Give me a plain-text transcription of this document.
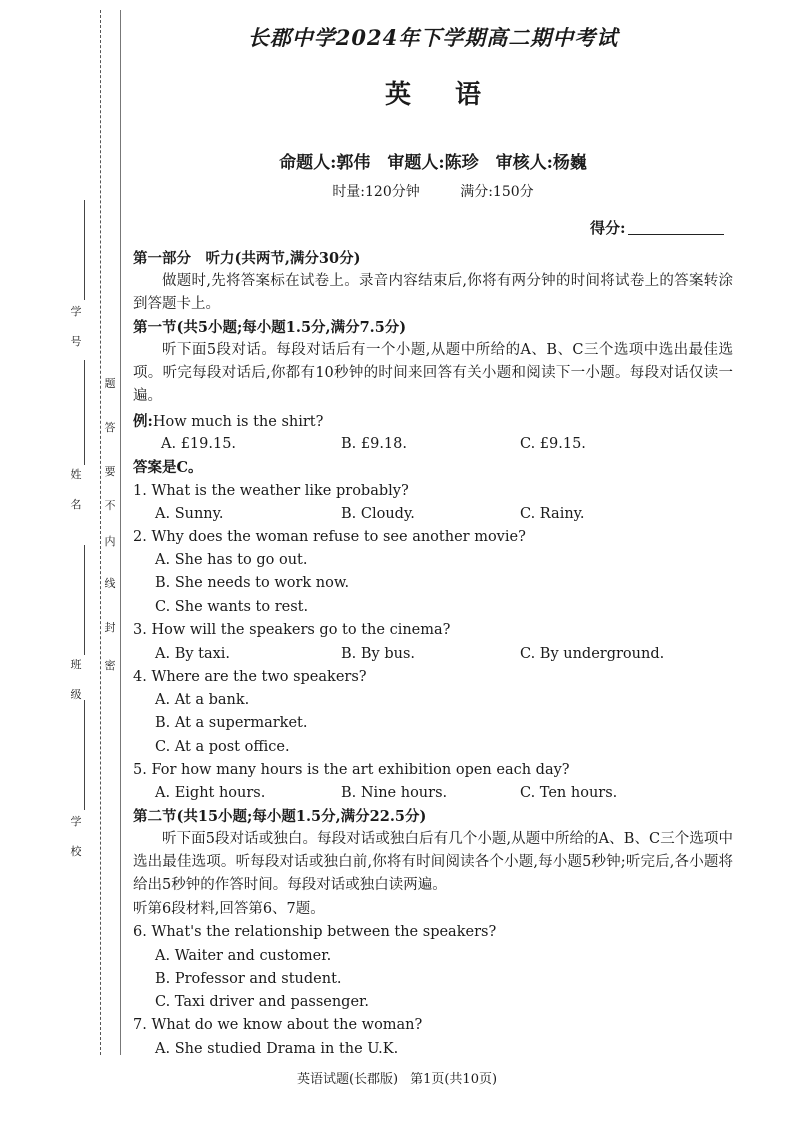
题
答
要
不
内
线
封
密
学
号
姓
名
班
级
学
校
长郡中学2024年下学期高二期中考试
英语
命题人:郭伟　审题人:陈珍　审核人:杨巍
时量:120分钟	满分:150分
得分:
第一部分　听力(共两节,满分30分)
做题时,先将答案标在试卷上。录音内容结束后,你将有两分钟的时间将试卷上的答案转涂到答题卡上。
第一节(共5小题;每小题1.5分,满分7.5分)
听下面5段对话。每段对话后有一个小题,从题中所给的A、B、C三个选项中选出最佳选项。听完每段对话后,你都有10秒钟的时间来回答有关小题和阅读下一小题。每段对话仅读一遍。
例:How much is the shirt?
A. £19.15.	B. £9.18.	C. £9.15.
答案是C。
1. What is the weather like probably?
A. Sunny.	B. Cloudy.	C. Rainy.
2. Why does the woman refuse to see another movie?
A. She has to go out.
B. She needs to work now.
C. She wants to rest.
3. How will the speakers go to the cinema?
A. By taxi.	B. By bus.	C. By underground.
4. Where are the two speakers?
A. At a bank.
B. At a supermarket.
C. At a post office.
5. For how many hours is the art exhibition open each day?
A. Eight hours.	B. Nine hours.	C. Ten hours.
第二节(共15小题;每小题1.5分,满分22.5分)
听下面5段对话或独白。每段对话或独白后有几个小题,从题中所给的A、B、C三个选项中选出最佳选项。听每段对话或独白前,你将有时间阅读各个小题,每小题5秒钟;听完后,各小题将给出5秒钟的作答时间。每段对话或独白读两遍。
听第6段材料,回答第6、7题。
6. What's the relationship between the speakers?
A. Waiter and customer.
B. Professor and student.
C. Taxi driver and passenger.
7. What do we know about the woman?
A. She studied Drama in the U.K.
英语试题(长郡版) 第1页(共10页)
